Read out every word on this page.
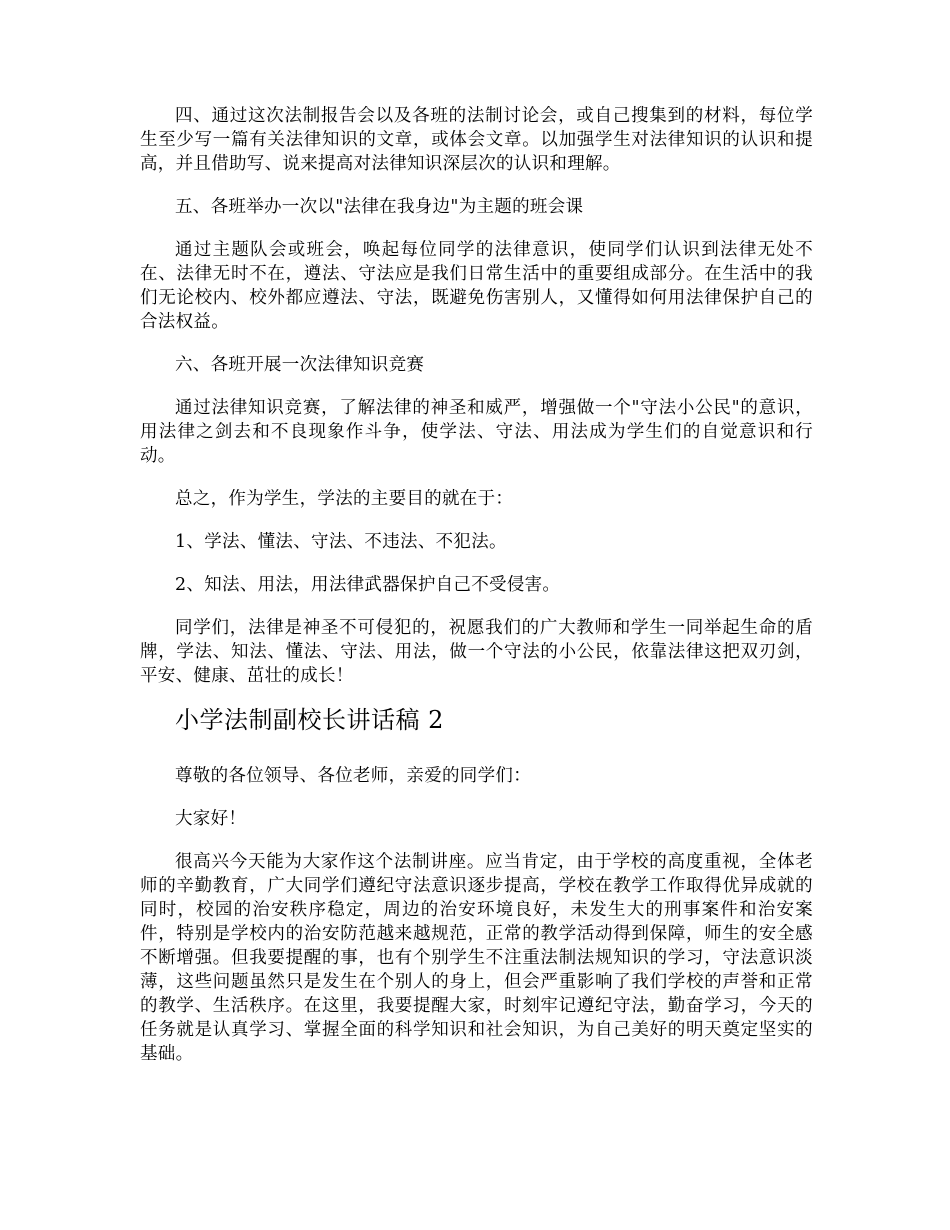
四、通过这次法制报告会以及各班的法制讨论会，或自己搜集到的材料，每位学生至少写一篇有关法律知识的文章，或体会文章。以加强学生对法律知识的认识和提高，并且借助写、说来提高对法律知识深层次的认识和理解。

五、各班举办一次以"法律在我身边"为主题的班会课

通过主题队会或班会，唤起每位同学的法律意识，使同学们认识到法律无处不在、法律无时不在，遵法、守法应是我们日常生活中的重要组成部分。在生活中的我们无论校内、校外都应遵法、守法，既避免伤害别人，又懂得如何用法律保护自己的合法权益。

六、各班开展一次法律知识竞赛

通过法律知识竞赛，了解法律的神圣和威严，增强做一个"守法小公民"的意识，用法律之剑去和不良现象作斗争，使学法、守法、用法成为学生们的自觉意识和行动。

总之，作为学生，学法的主要目的就在于：

1、学法、懂法、守法、不违法、不犯法。

2、知法、用法，用法律武器保护自己不受侵害。

同学们，法律是神圣不可侵犯的，祝愿我们的广大教师和学生一同举起生命的盾牌，学法、知法、懂法、守法、用法，做一个守法的小公民，依靠法律这把双刃剑，平安、健康、茁壮的成长！

小学法制副校长讲话稿 2

尊敬的各位领导、各位老师，亲爱的同学们：

大家好！

很高兴今天能为大家作这个法制讲座。应当肯定，由于学校的高度重视，全体老师的辛勤教育，广大同学们遵纪守法意识逐步提高，学校在教学工作取得优异成就的同时，校园的治安秩序稳定，周边的治安环境良好，未发生大的刑事案件和治安案件，特别是学校内的治安防范越来越规范，正常的教学活动得到保障，师生的安全感不断增强。但我要提醒的事，也有个别学生不注重法制法规知识的学习，守法意识淡薄，这些问题虽然只是发生在个别人的身上，但会严重影响了我们学校的声誉和正常的教学、生活秩序。在这里，我要提醒大家，时刻牢记遵纪守法，勤奋学习，今天的任务就是认真学习、掌握全面的科学知识和社会知识，为自己美好的明天奠定坚实的基础。
